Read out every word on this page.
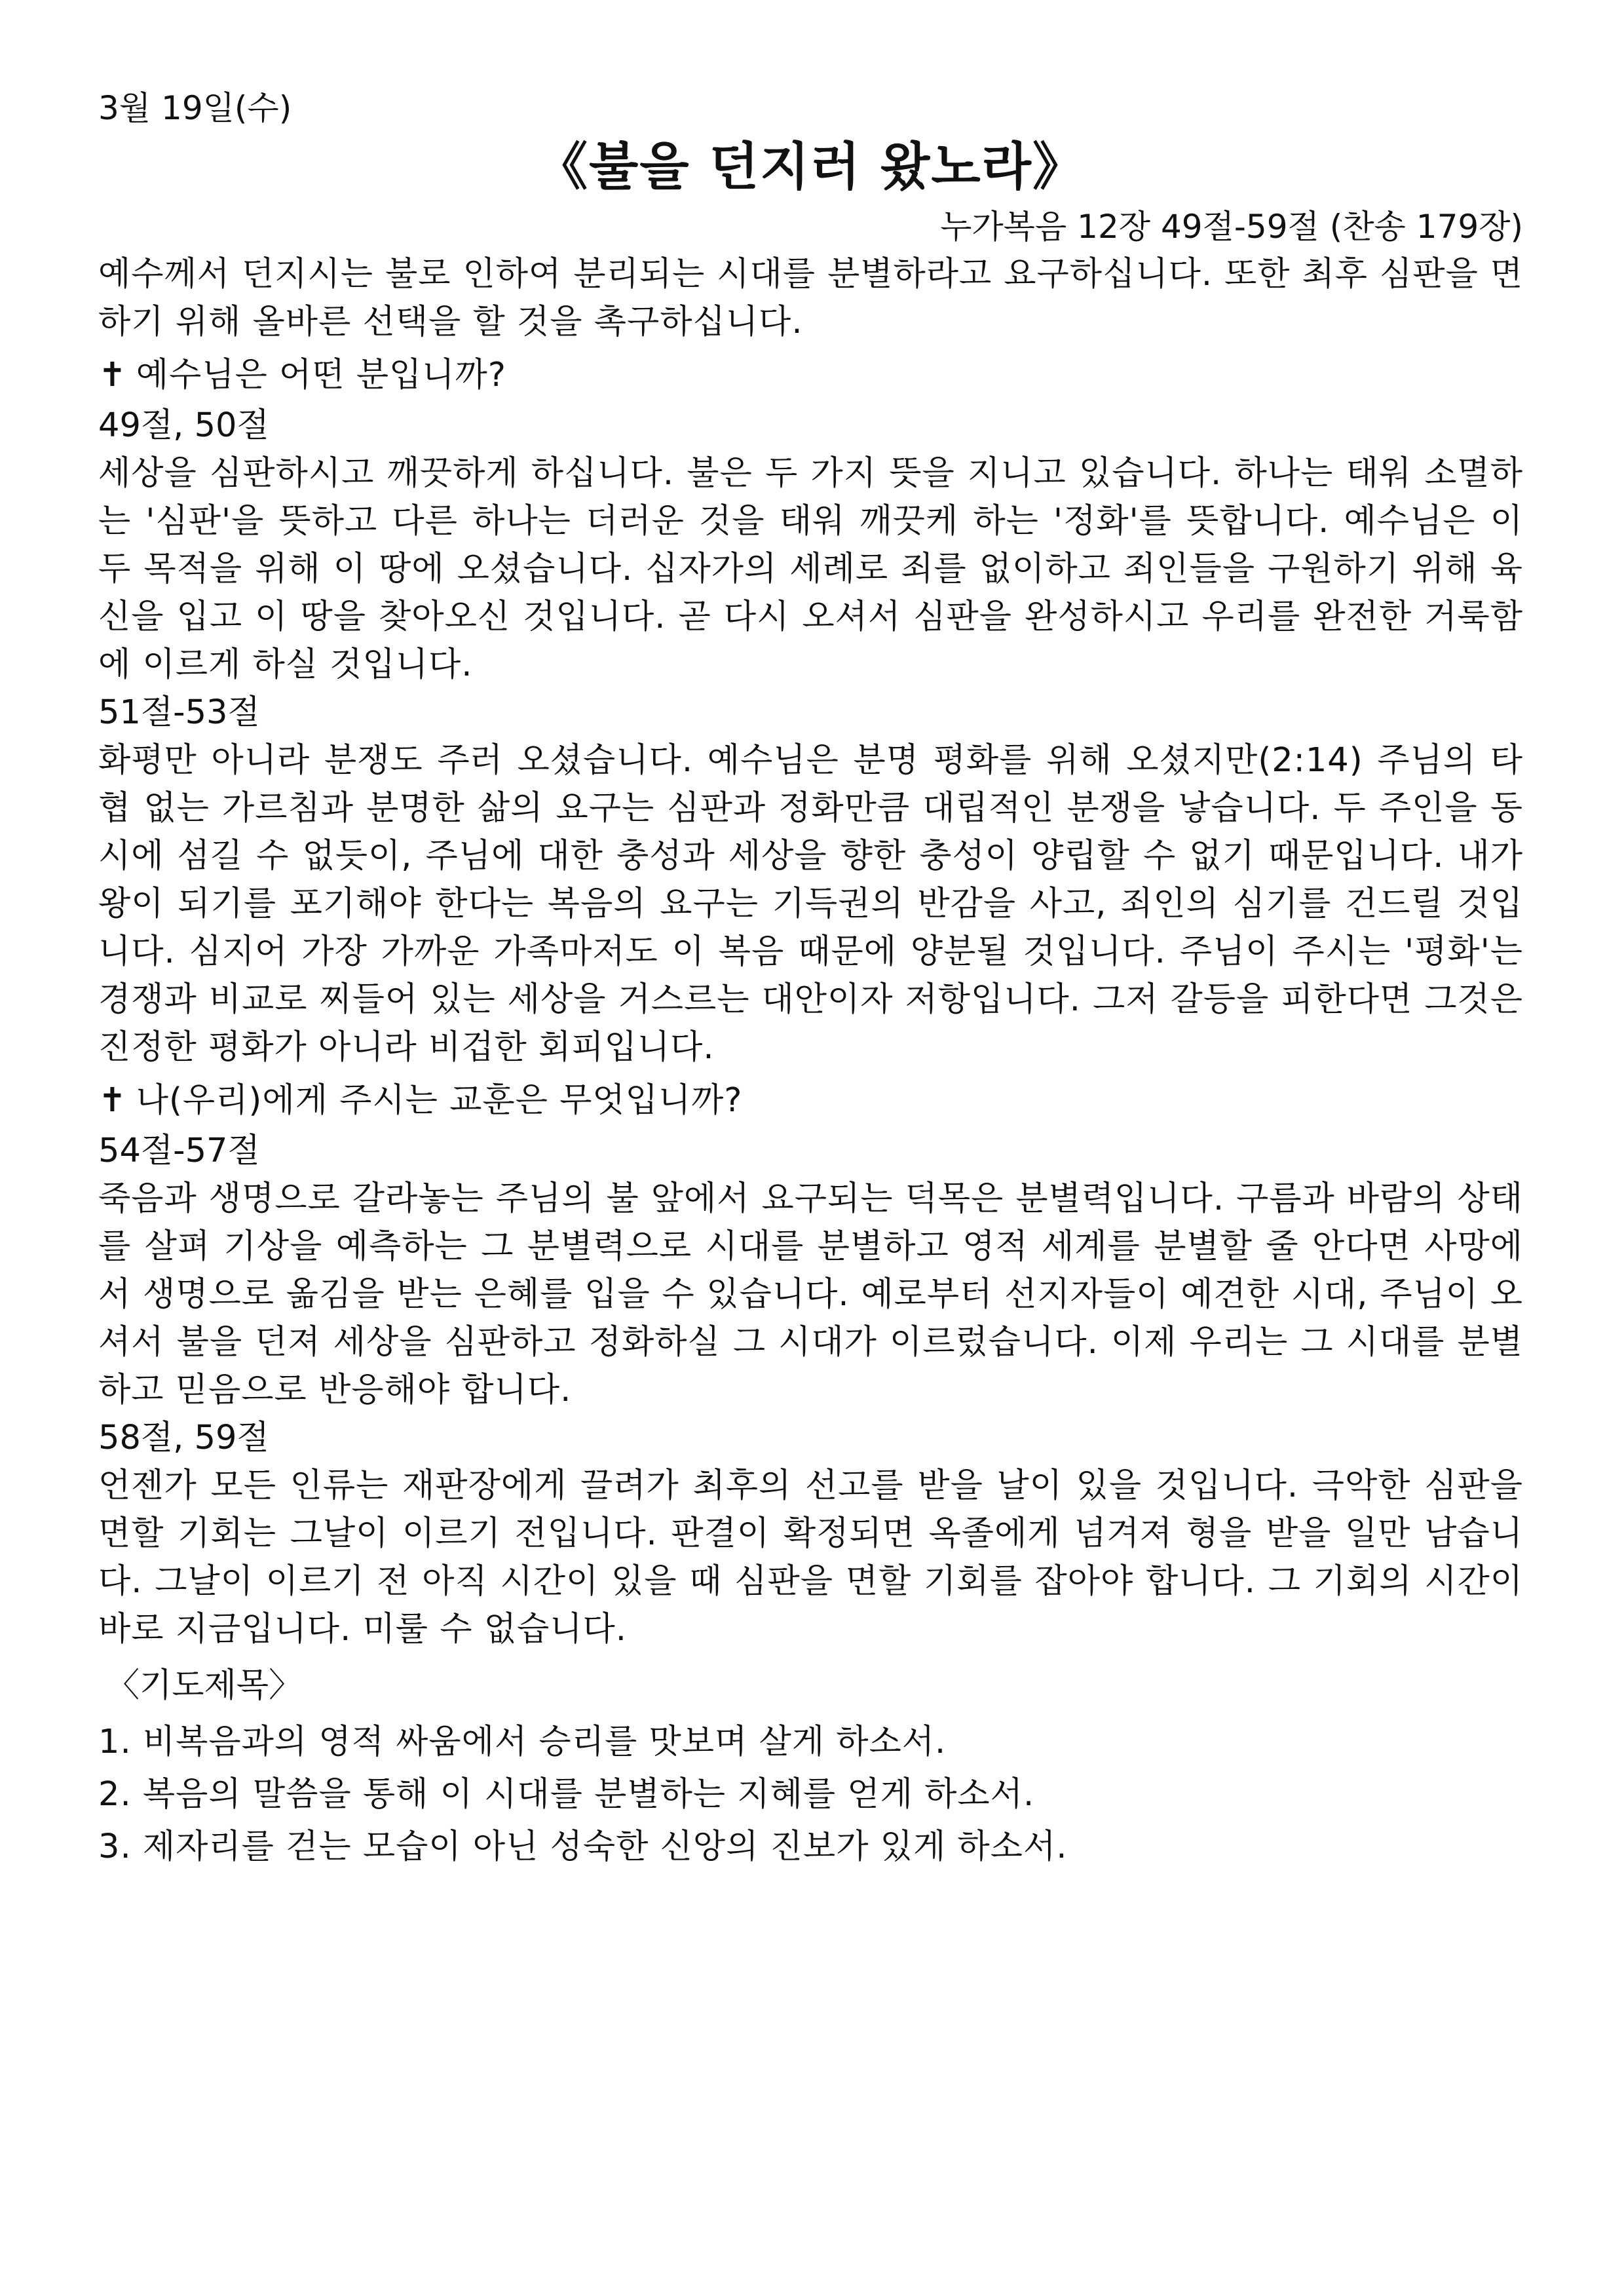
3월 19일(수)

《불을 던지러 왔노라》

누가복음 12장 49절-59절 (찬송 179장)

예수께서 던지시는 불로 인하여 분리되는 시대를 분별하라고 요구하십니다. 또한 최후 심판을 면하기 위해 올바른 선택을 할 것을 촉구하십니다.

✝ 예수님은 어떤 분입니까?

49절, 50절

세상을 심판하시고 깨끗하게 하십니다. 불은 두 가지 뜻을 지니고 있습니다. 하나는 태워 소멸하는 '심판'을 뜻하고 다른 하나는 더러운 것을 태워 깨끗케 하는 '정화'를 뜻합니다. 예수님은 이 두 목적을 위해 이 땅에 오셨습니다. 십자가의 세례로 죄를 없이하고 죄인들을 구원하기 위해 육신을 입고 이 땅을 찾아오신 것입니다. 곧 다시 오셔서 심판을 완성하시고 우리를 완전한 거룩함에 이르게 하실 것입니다.

51절-53절

화평만 아니라 분쟁도 주러 오셨습니다. 예수님은 분명 평화를 위해 오셨지만(2:14) 주님의 타협 없는 가르침과 분명한 삶의 요구는 심판과 정화만큼 대립적인 분쟁을 낳습니다. 두 주인을 동시에 섬길 수 없듯이, 주님에 대한 충성과 세상을 향한 충성이 양립할 수 없기 때문입니다. 내가 왕이 되기를 포기해야 한다는 복음의 요구는 기득권의 반감을 사고, 죄인의 심기를 건드릴 것입니다. 심지어 가장 가까운 가족마저도 이 복음 때문에 양분될 것입니다. 주님이 주시는 '평화'는 경쟁과 비교로 찌들어 있는 세상을 거스르는 대안이자 저항입니다. 그저 갈등을 피한다면 그것은 진정한 평화가 아니라 비겁한 회피입니다.

✝ 나(우리)에게 주시는 교훈은 무엇입니까?

54절-57절

죽음과 생명으로 갈라놓는 주님의 불 앞에서 요구되는 덕목은 분별력입니다. 구름과 바람의 상태를 살펴 기상을 예측하는 그 분별력으로 시대를 분별하고 영적 세계를 분별할 줄 안다면 사망에서 생명으로 옮김을 받는 은혜를 입을 수 있습니다. 예로부터 선지자들이 예견한 시대, 주님이 오셔서 불을 던져 세상을 심판하고 정화하실 그 시대가 이르렀습니다. 이제 우리는 그 시대를 분별하고 믿음으로 반응해야 합니다.

58절, 59절

언젠가 모든 인류는 재판장에게 끌려가 최후의 선고를 받을 날이 있을 것입니다. 극악한 심판을 면할 기회는 그날이 이르기 전입니다. 판결이 확정되면 옥졸에게 넘겨져 형을 받을 일만 남습니다. 그날이 이르기 전 아직 시간이 있을 때 심판을 면할 기회를 잡아야 합니다. 그 기회의 시간이 바로 지금입니다. 미룰 수 없습니다.

〈기도제목〉

1. 비복음과의 영적 싸움에서 승리를 맛보며 살게 하소서.
2. 복음의 말씀을 통해 이 시대를 분별하는 지혜를 얻게 하소서.
3. 제자리를 걷는 모습이 아닌 성숙한 신앙의 진보가 있게 하소서.
